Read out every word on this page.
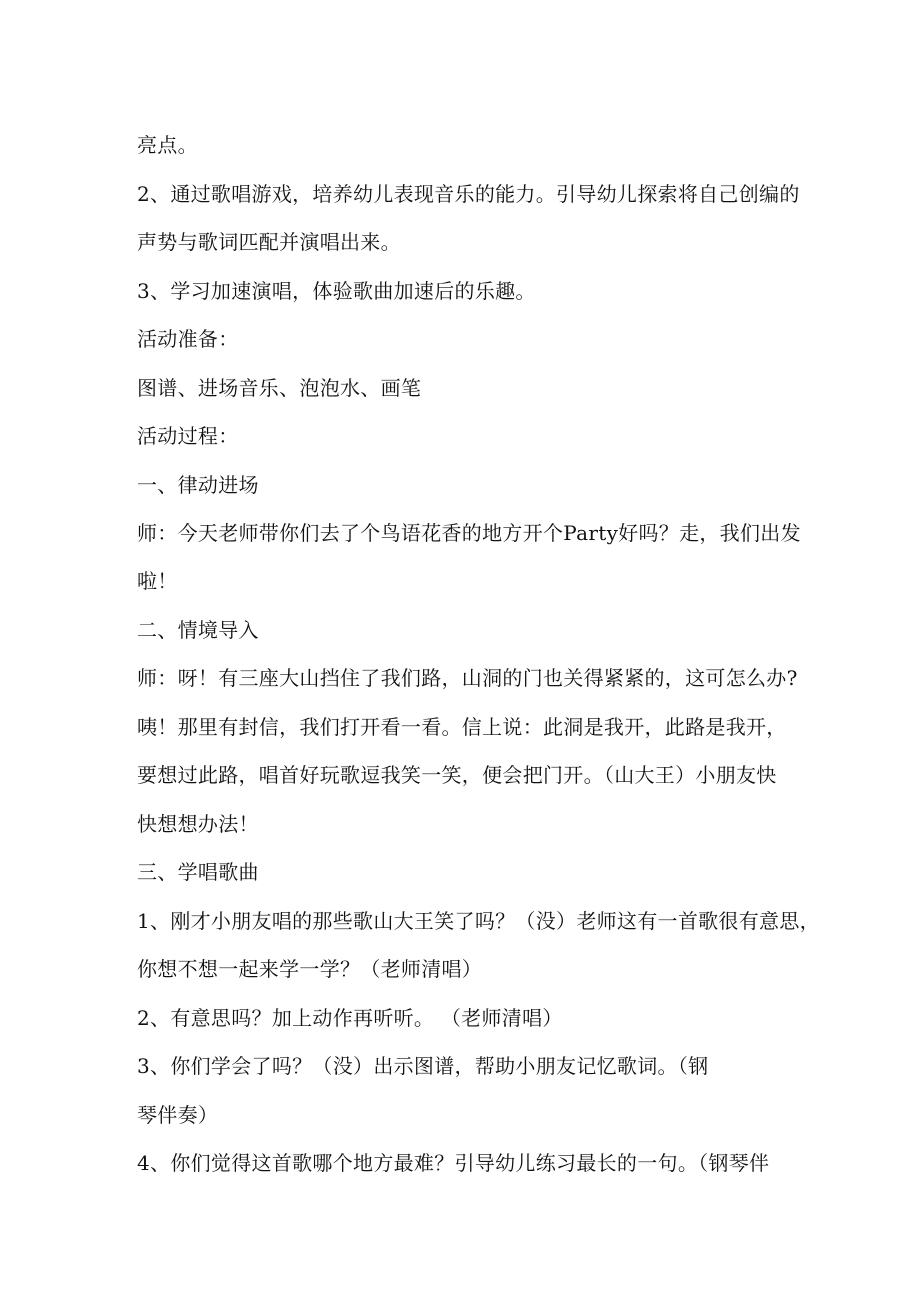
亮点。

2、通过歌唱游戏，培养幼儿表现音乐的能力。引导幼儿探索将自己创编的

声势与歌词匹配并演唱出来。

3、学习加速演唱，体验歌曲加速后的乐趣。

活动准备：

图谱、进场音乐、泡泡水、画笔

活动过程：

一、律动进场

师：今天老师带你们去了个鸟语花香的地方开个Party好吗？走，我们出发

啦！

二、情境导入

师：呀！有三座大山挡住了我们路，山洞的门也关得紧紧的，这可怎么办?

咦！那里有封信，我们打开看一看。信上说：此洞是我开，此路是我开，

要想过此路，唱首好玩歌逗我笑一笑，便会把门开。（山大王）小朋友快

快想想办法！

三、学唱歌曲

1、刚才小朋友唱的那些歌山大王笑了吗？（没）老师这有一首歌很有意思，

你想不想一起来学一学？（老师清唱）

2、有意思吗？加上动作再听听。 （老师清唱）

3、你们学会了吗？（没）出示图谱，帮助小朋友记忆歌词。（钢

琴伴奏）

4、你们觉得这首歌哪个地方最难？引导幼儿练习最长的一句。（钢琴伴
